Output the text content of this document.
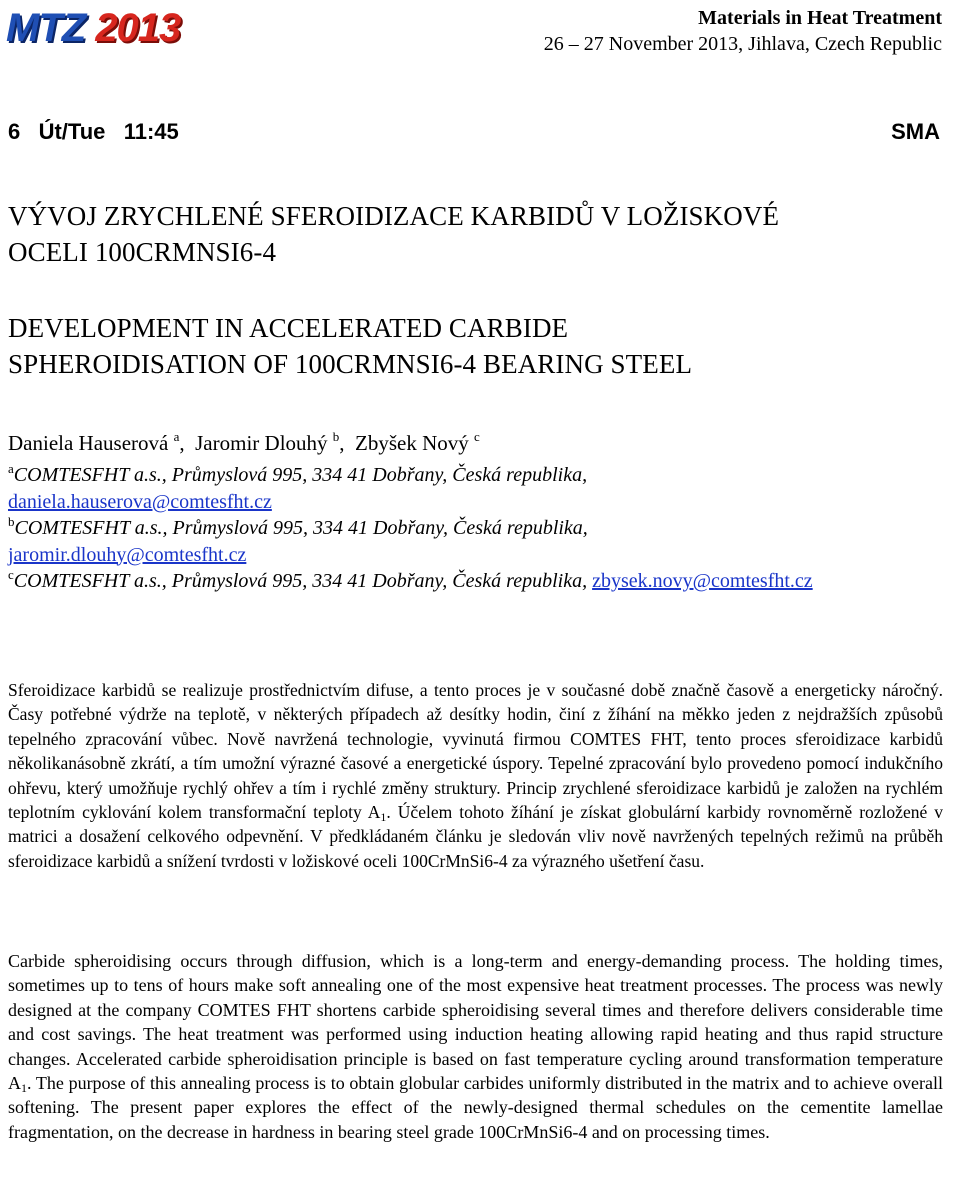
MTZ 2013	Materials in Heat Treatment
26 – 27 November 2013, Jihlava, Czech Republic
6   Út/Tue   11:45	SMA
VÝVOJ ZRYCHLENÉ SFEROIDIZACE KARBIDŮ V LOŽISKOVÉ
OCELI 100CRMNSI6-4
DEVELOPMENT IN ACCELERATED CARBIDE
SPHEROIDISATION OF 100CRMNSI6-4 BEARING STEEL
Daniela Hauserová $^a$,  Jaromir Dlouhý $^b$,  Zbyšek Nový $^c$
$^a$COMTESFHT a.s., Průmyslová 995, 334 41 Dobřany, Česká republika,
daniela.hauserova@comtesfht.cz
$^b$COMTESFHT a.s., Průmyslová 995, 334 41 Dobřany, Česká republika,
jaromir.dlouhy@comtesfht.cz
$^c$COMTESFHT a.s., Průmyslová 995, 334 41 Dobřany, Česká republika, zbysek.novy@comtesfht.cz
Sferoidizace karbidů se realizuje prostřednictvím difuse, a tento proces je v současné době značně časově a energeticky náročný. Časy potřebné výdrže na teplotě, v některých případech až desítky hodin, činí z žíhání na měkko jeden z nejdražších způsobů tepelného zpracování vůbec. Nově navržená technologie, vyvinutá firmou COMTES FHT, tento proces sferoidizace karbidů několikanásobně zkrátí, a tím umožní výrazné časové a energetické úspory. Tepelné zpracování bylo provedeno pomocí indukčního ohřevu, který umožňuje rychlý ohřev a tím i rychlé změny struktury. Princip zrychlené sferoidizace karbidů je založen na rychlém teplotním cyklování kolem transformační teploty $A_1$. Účelem tohoto žíhání je získat globulární karbidy rovnoměrně rozložené v matrici a dosažení celkového odpevnění. V předkládaném článku je sledován vliv nově navržených tepelných režimů na průběh sferoidizace karbidů a snížení tvrdosti v ložiskové oceli 100CrMnSi6-4 za výrazného ušetření času.
Carbide spheroidising occurs through diffusion, which is a long-term and energy-demanding process. The holding times, sometimes up to tens of hours make soft annealing one of the most expensive heat treatment processes. The process was newly designed at the company COMTES FHT shortens carbide spheroidising several times and therefore delivers considerable time and cost savings. The heat treatment was performed using induction heating allowing rapid heating and thus rapid structure changes. Accelerated carbide spheroidisation principle is based on fast temperature cycling around transformation temperature $A_1$. The purpose of this annealing process is to obtain globular carbides uniformly distributed in the matrix and to achieve overall softening. The present paper explores the effect of the newly-designed thermal schedules on the cementite lamellae fragmentation, on the decrease in hardness in bearing steel grade 100CrMnSi6-4 and on processing times.
